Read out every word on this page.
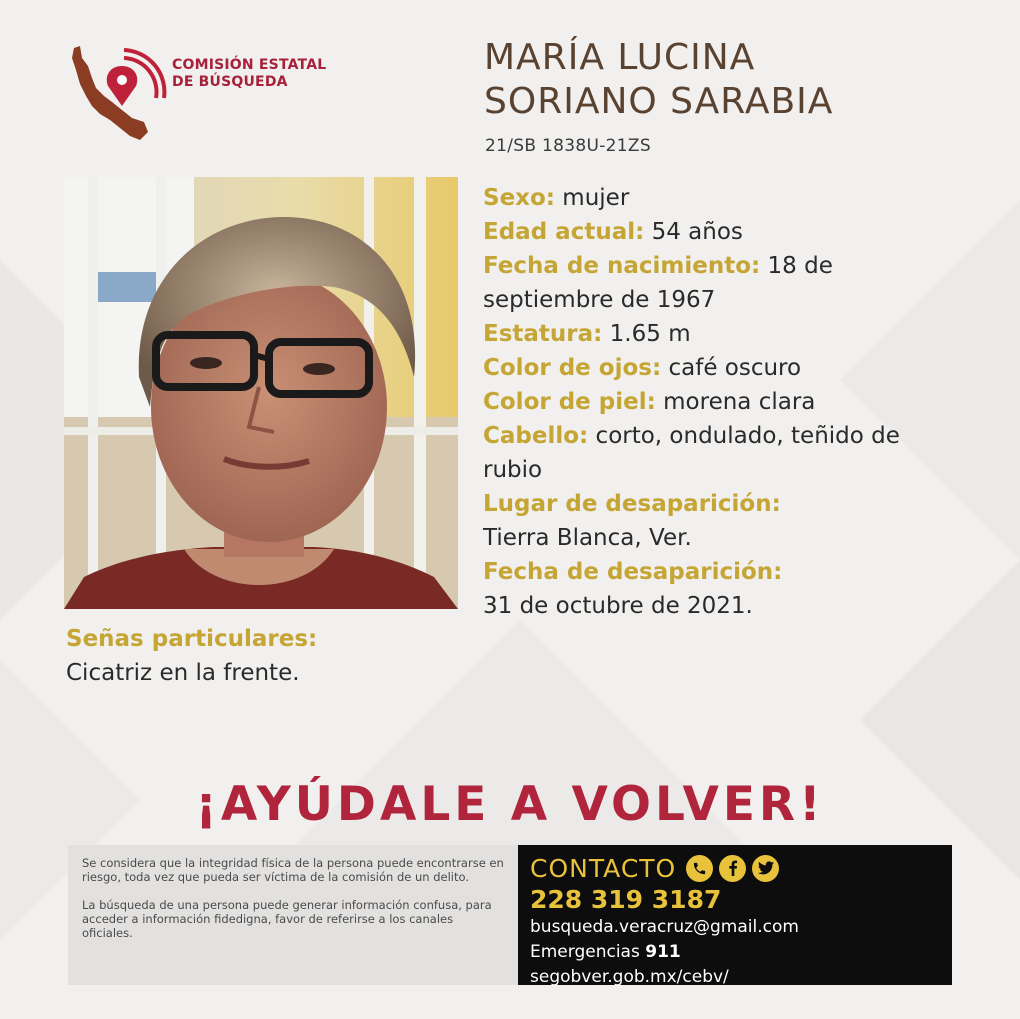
COMISIÓN ESTATAL
DE BÚSQUEDA
MARÍA LUCINA
SORIANO SARABIA
21/SB 1838U-21ZS
Sexo: mujer
Edad actual: 54 años
Fecha de nacimiento: 18 de septiembre de 1967
Estatura: 1.65 m
Color de ojos: café oscuro
Color de piel: morena clara
Cabello: corto, ondulado, teñido de rubio
Lugar de desaparición:
Tierra Blanca, Ver.
Fecha de desaparición:
31 de octubre de 2021.
Señas particulares:
Cicatriz en la frente.
¡AYÚDALE A VOLVER!

Se considera que la integridad física de la persona puede encontrarse en riesgo, toda vez que pueda ser víctima de la comisión de un delito.

La búsqueda de una persona puede generar información confusa, para acceder a información fidedigna, favor de referirse a los canales oficiales.

CONTACTO
228 319 3187
busqueda.veracruz@gmail.com
Emergencias 911
segobver.gob.mx/cebv/
